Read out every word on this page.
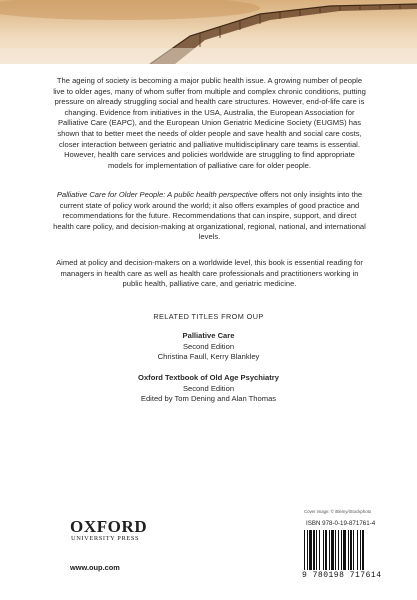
The ageing of society is becoming a major public health issue. A growing number of people live to older ages, many of whom suffer from multiple and complex chronic conditions, putting pressure on already struggling social and health care structures. However, end-of-life care is changing. Evidence from initiatives in the USA, Australia, the European Association for Palliative Care (EAPC), and the European Union Geriatric Medicine Society (EUGMS) has shown that to better meet the needs of older people and save health and social care costs, closer interaction between geriatric and palliative multidisciplinary care teams is essential. However, health care services and policies worldwide are struggling to find appropriate models for implementation of palliative care for older people.

Palliative Care for Older People: A public health perspective offers not only insights into the current state of policy work around the world; it also offers examples of good practice and recommendations for the future. Recommendations that can inspire, support, and direct health care policy, and decision-making at organizational, regional, national, and international levels.

Aimed at policy and decision-makers on a worldwide level, this book is essential reading for managers in health care as well as health care professionals and practitioners working in public health, palliative care, and geriatric medicine.

RELATED TITLES FROM OUP
Palliative Care
Second Edition
Christina Faull, Kerry Blankley
Oxford Textbook of Old Age Psychiatry
Second Edition
Edited by Tom Dening and Alan Thomas
Cover image: © ittlemy/iStockphoto
OXFORD
UNIVERSITY PRESS
www.oup.com
ISBN 978-0-19-871761-4
9 780198 717614
